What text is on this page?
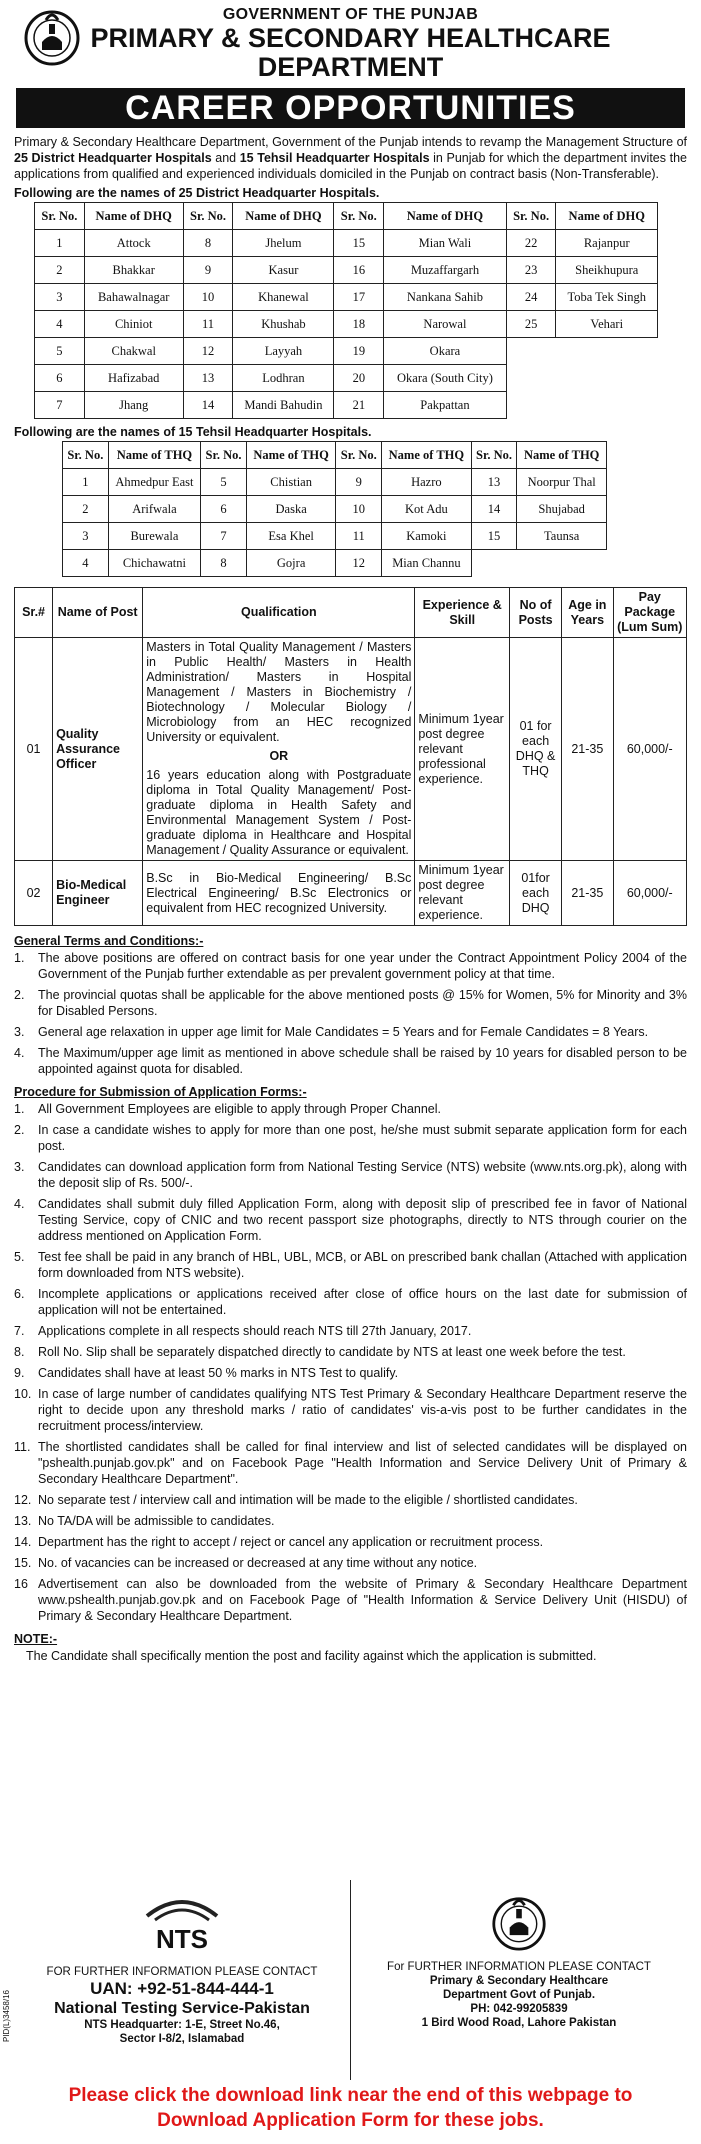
GOVERNMENT OF THE PUNJAB
PRIMARY & SECONDARY HEALTHCARE
DEPARTMENT
CAREER OPPORTUNITIES
Primary & Secondary Healthcare Department, Government of the Punjab intends to revamp the Management Structure of 25 District Headquarter Hospitals and 15 Tehsil Headquarter Hospitals in Punjab for which the department invites the applications from qualified and experienced individuals domiciled in the Punjab on contract basis (Non-Transferable).
Following are the names of 25 District Headquarter Hospitals.
Sr. No.	Name of DHQ	Sr. No.	Name of DHQ	Sr. No.	Name of DHQ	Sr. No.	Name of DHQ
1	Attock	8	Jhelum	15	Mian Wali	22	Rajanpur
2	Bhakkar	9	Kasur	16	Muzaffargarh	23	Sheikhupura
3	Bahawalnagar	10	Khanewal	17	Nankana Sahib	24	Toba Tek Singh
4	Chiniot	11	Khushab	18	Narowal	25	Vehari
5	Chakwal	12	Layyah	19	Okara		
6	Hafizabad	13	Lodhran	20	Okara (South City)		
7	Jhang	14	Mandi Bahudin	21	Pakpattan		
Following are the names of 15 Tehsil Headquarter Hospitals.
Sr. No.	Name of THQ	Sr. No.	Name of THQ	Sr. No.	Name of THQ	Sr. No.	Name of THQ
1	Ahmedpur East	5	Chistian	9	Hazro	13	Noorpur Thal
2	Arifwala	6	Daska	10	Kot Adu	14	Shujabad
3	Burewala	7	Esa Khel	11	Kamoki	15	Taunsa
4	Chichawatni	8	Gojra	12	Mian Channu		
Sr.#	Name of Post	Qualification	Experience & Skill	No of Posts	Age in Years	Pay Package (Lum Sum)
01	Quality Assurance Officer	Masters in Total Quality Management / Masters in Public Health/ Masters in Health Administration/ Masters in Hospital Management / Masters in Biochemistry / Biotechnology / Molecular Biology / Microbiology from an HEC recognized University or equivalent.
OR
16 years education along with Postgraduate diploma in Total Quality Management/ Post-graduate diploma in Health Safety and Environmental Management System / Post-graduate diploma in Healthcare and Hospital Management / Quality Assurance or equivalent.	Minimum 1year post degree relevant professional experience.	01 for each DHQ & THQ	21-35	60,000/-
02	Bio-Medical Engineer	B.Sc in Bio-Medical Engineering/ B.Sc Electrical Engineering/ B.Sc Electronics or equivalent from HEC recognized University.	Minimum 1year post degree relevant experience.	01for each DHQ	21-35	60,000/-
General Terms and Conditions:-
1.	The above positions are offered on contract basis for one year under the Contract Appointment Policy 2004 of the Government of the Punjab further extendable as per prevalent government policy at that time.
2.	The provincial quotas shall be applicable for the above mentioned posts @ 15% for Women, 5% for Minority and 3% for Disabled Persons.
3.	General age relaxation in upper age limit for Male Candidates = 5 Years and for Female Candidates = 8 Years.
4.	The Maximum/upper age limit as mentioned in above schedule shall be raised by 10 years for disabled person to be appointed against quota for disabled.
Procedure for Submission of Application Forms:-
1.	All Government Employees are eligible to apply through Proper Channel.
2.	In case a candidate wishes to apply for more than one post, he/she must submit separate application form for each post.
3.	Candidates can download application form from National Testing Service (NTS) website (www.nts.org.pk), along with the deposit slip of Rs. 500/-.
4.	Candidates shall submit duly filled Application Form, along with deposit slip of prescribed fee in favor of National Testing Service, copy of CNIC and two recent passport size photographs, directly to NTS through courier on the address mentioned on Application Form.
5.	Test fee shall be paid in any branch of HBL, UBL, MCB, or ABL on prescribed bank challan (Attached with application form downloaded from NTS website).
6.	Incomplete applications or applications received after close of office hours on the last date for submission of application will not be entertained.
7.	Applications complete in all respects should reach NTS till 27th January, 2017.
8.	Roll No. Slip shall be separately dispatched directly to candidate by NTS at least one week before the test.
9.	Candidates shall have at least 50 % marks in NTS Test to qualify.
10. In case of large number of candidates qualifying NTS Test Primary & Secondary Healthcare Department reserve the right to decide upon any threshold marks / ratio of candidates' vis-a-vis post to be further candidates in the recruitment process/interview.
11. The shortlisted candidates shall be called for final interview and list of selected candidates will be displayed on "pshealth.punjab.gov.pk" and on Facebook Page "Health Information and Service Delivery Unit of Primary & Secondary Healthcare Department".
12. No separate test / interview call and intimation will be made to the eligible / shortlisted candidates.
13. No TA/DA will be admissible to candidates.
14. Department has the right to accept / reject or cancel any application or recruitment process.
15. No. of vacancies can be increased or decreased at any time without any notice.
16 Advertisement can also be downloaded from the website of Primary & Secondary Healthcare Department www.pshealth.punjab.gov.pk and on Facebook Page of "Health Information & Service Delivery Unit (HISDU) of Primary & Secondary Healthcare Department.
NOTE:-
The Candidate shall specifically mention the post and facility against which the application is submitted.
NTS
FOR FURTHER INFORMATION PLEASE CONTACT
UAN: +92-51-844-444-1
National Testing Service-Pakistan
NTS Headquarter: 1-E, Street No.46,
Sector I-8/2, Islamabad
For FURTHER INFORMATION PLEASE CONTACT
Primary & Secondary Healthcare
Department Govt of Punjab.
PH: 042-99205839
1 Bird Wood Road, Lahore Pakistan
PID(L)3458/16
Please click the download link near the end of this webpage to
Download Application Form for these jobs.
